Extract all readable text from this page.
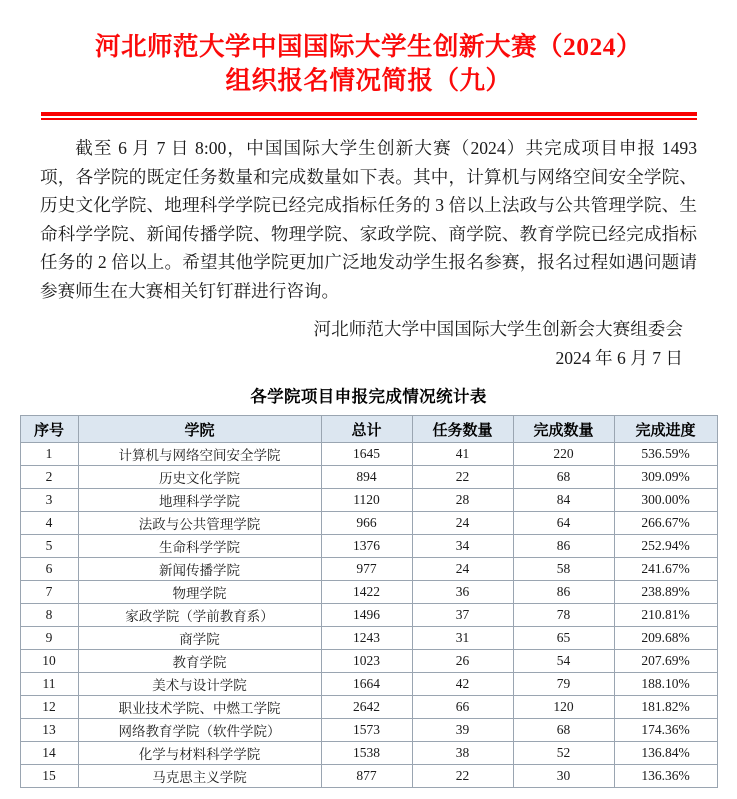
河北师范大学中国国际大学生创新大赛（2024）
组织报名情况简报（九）

截至 6 月 7 日 8:00，中国国际大学生创新大赛（2024）共完成项目申报 1493 项，各学院的既定任务数量和完成数量如下表。其中，计算机与网络空间安全学院、历史文化学院、地理科学学院已经完成指标任务的 3 倍以上法政与公共管理学院、生命科学学院、新闻传播学院、物理学院、家政学院、商学院、教育学院已经完成指标任务的 2 倍以上。希望其他学院更加广泛地发动学生报名参赛，报名过程如遇问题请参赛师生在大赛相关钉钉群进行咨询。

河北师范大学中国国际大学生创新会大赛组委会
2024 年 6 月 7 日
各学院项目申报完成情况统计表
序号	学院	总计	任务数量	完成数量	完成进度
1	计算机与网络空间安全学院	1645	41	220	536.59%
2	历史文化学院	894	22	68	309.09%
3	地理科学学院	1120	28	84	300.00%
4	法政与公共管理学院	966	24	64	266.67%
5	生命科学学院	1376	34	86	252.94%
6	新闻传播学院	977	24	58	241.67%
7	物理学院	1422	36	86	238.89%
8	家政学院（学前教育系）	1496	37	78	210.81%
9	商学院	1243	31	65	209.68%
10	教育学院	1023	26	54	207.69%
11	美术与设计学院	1664	42	79	188.10%
12	职业技术学院、中燃工学院	2642	66	120	181.82%
13	网络教育学院（软件学院）	1573	39	68	174.36%
14	化学与材料科学学院	1538	38	52	136.84%
15	马克思主义学院	877	22	30	136.36%
